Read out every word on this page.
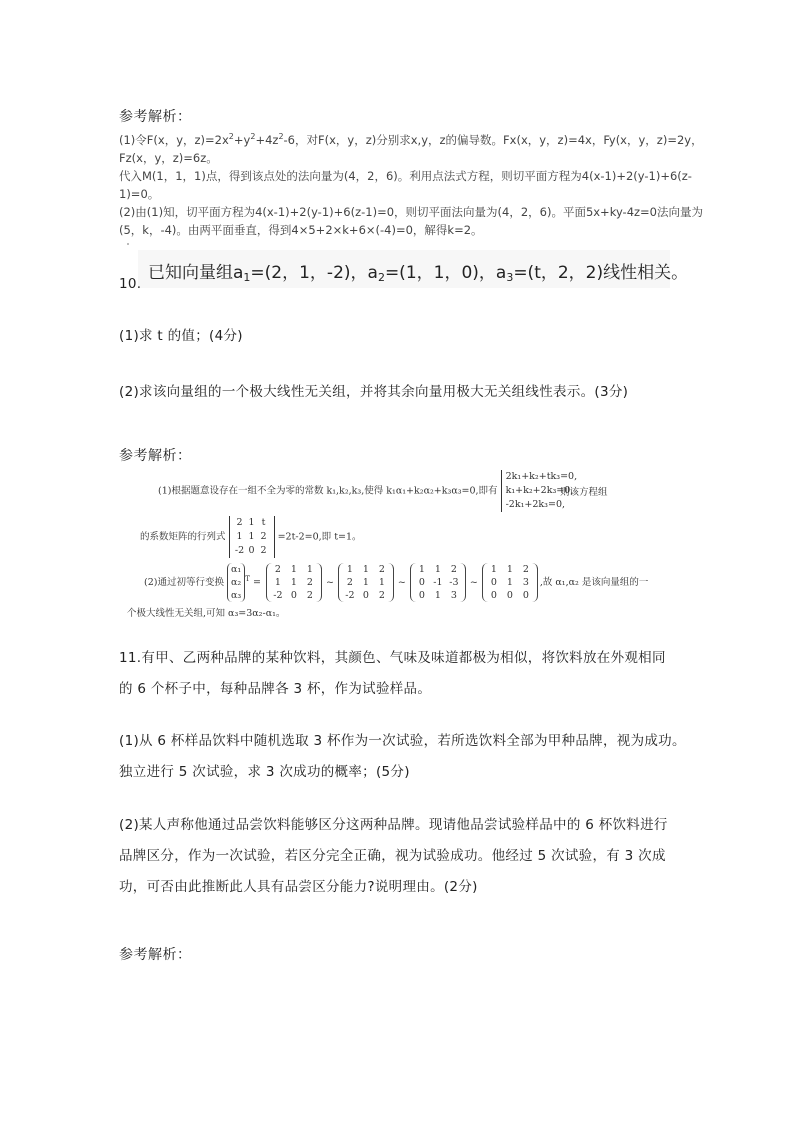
参考解析：
(1)令F(x，y，$z)=2x^2+y^2+4z^2-6$，对F(x，y，z)分别求x,y，z的偏导数。Fx(x，y，z)=4x，Fy(x，y，z)=2y，
Fz(x，y，z)=6z。
代入M(1，1，1)点，得到该点处的法向量为(4，2，6)。利用点法式方程，则切平面方程为4(x-1)+2(y-1)+6(z-
1)=0。
(2)由(1)知，切平面方程为4(x-1)+2(y-1)+6(z-1)=0，则切平面法向量为(4，2，6)。平面5x+ky-4z=0法向量为
(5，k，-4)。由两平面垂直，得到4×5+2×k+6×(-4)=0，解得k=2。
已知向量组$a_1=(2$，1，-2)，$a_2=(1$，1，0)，$a_3=(t$，2，2)线性相关。
10.
(1)求 t 的值；(4分)
(2)求该向量组的一个极大线性无关组，并将其余向量用极大无关组线性表示。(3分)
参考解析：
(1)根据题意设存在一组不全为零的常数 k₁,k₂,k₃,使得 k₁α₁+k₂α₂+k₃α₃=0,即有
2k₁+k₂+tk₃=0,
k₁+k₂+2k₃=0,
-2k₁+2k₃=0,
则该方程组
的系数矩阵的行列式
2 1 t
1 1 2
-2 0 2
=2t-2=0,即 t=1。
(2)通过初等行变换
α₁
α₂
α₃
$^T$ =
2	1	1
1	1	2
-2 0	2
~
1	1	2
2	1	1
-2 0	2
~
1	1	2
0 -1 -3
0	1	3
~
1	1	2
0	1	3
0	0	0
,故 α₁,α₂ 是该向量组的一
个极大线性无关组,可知 α₃=3α₂-α₁。
11.有甲、乙两种品牌的某种饮料，其颜色、气味及味道都极为相似，将饮料放在外观相同
的 6 个杯子中，每种品牌各 3 杯，作为试验样品。
(1)从 6 杯样品饮料中随机选取 3 杯作为一次试验，若所选饮料全部为甲种品牌，视为成功。
独立进行 5 次试验，求 3 次成功的概率；(5分)
(2)某人声称他通过品尝饮料能够区分这两种品牌。现请他品尝试验样品中的 6 杯饮料进行
品牌区分，作为一次试验，若区分完全正确，视为试验成功。他经过 5 次试验，有 3 次成
功，可否由此推断此人具有品尝区分能力?说明理由。(2分)
参考解析：
